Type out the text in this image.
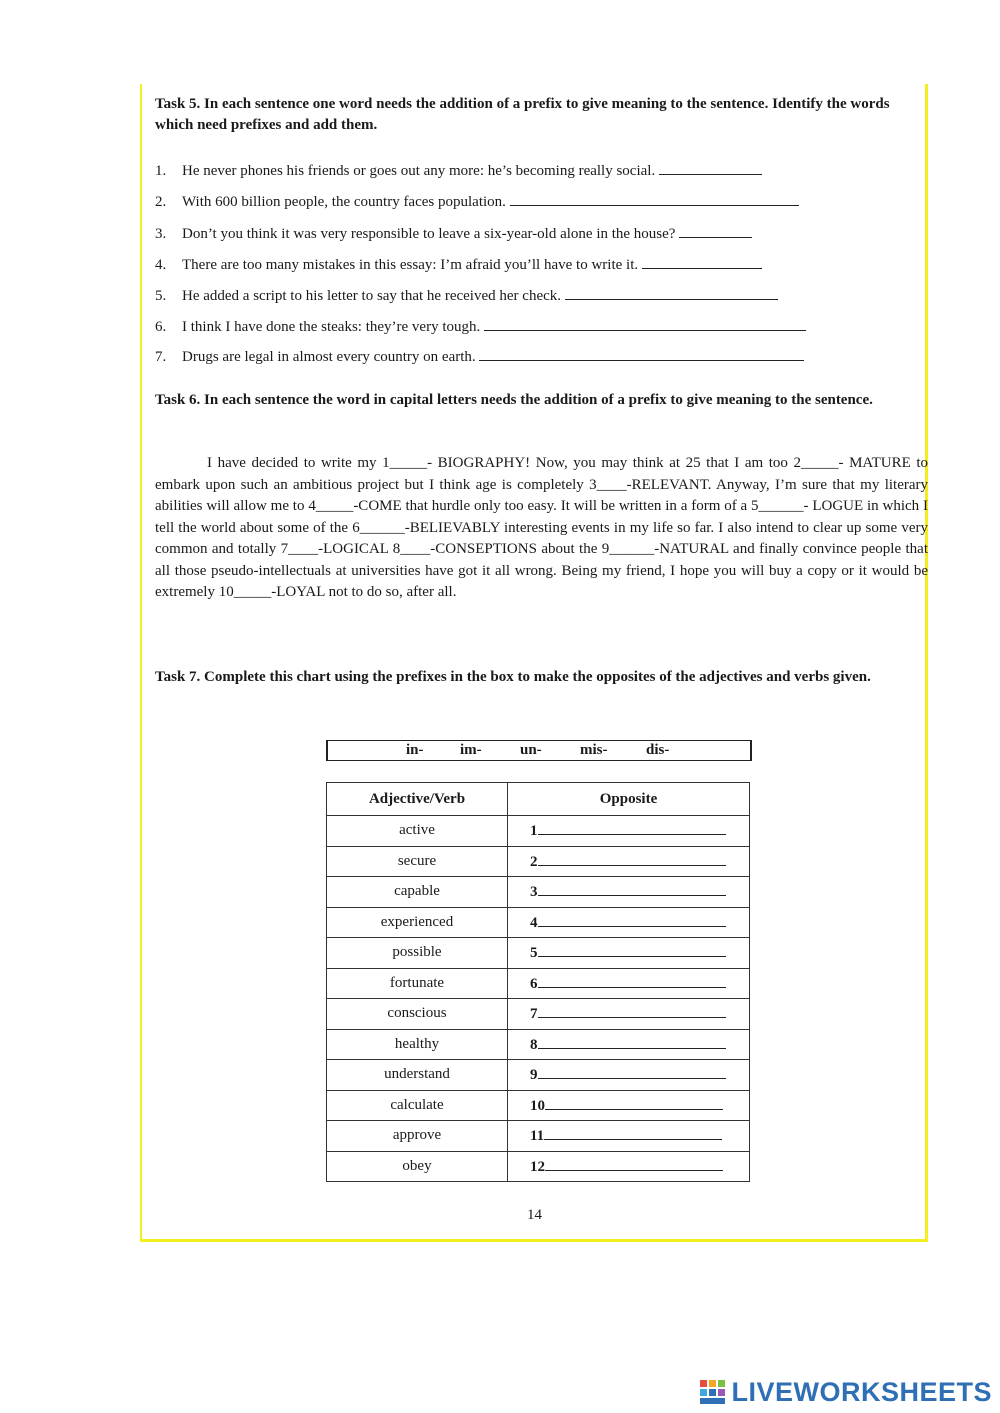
Task 5. In each sentence one word needs the addition of a prefix to give meaning to the sentence. Identify the words which need prefixes and add them.

1. He never phones his friends or goes out any more: he’s becoming really social.
2. With 600 billion people, the country faces population.
3. Don’t you think it was very responsible to leave a six-year-old alone in the house?
4. There are too many mistakes in this essay: I’m afraid you’ll have to write it.
5. He added a script to his letter to say that he received her check.
6. I think I have done the steaks: they’re very tough.
7. Drugs are legal in almost every country on earth.

Task 6. In each sentence the word in capital letters needs the addition of a prefix to give meaning to the sentence.

I have decided to write my 1_____- BIOGRAPHY! Now, you may think at 25 that I am too 2_____- MATURE to embark upon such an ambitious project but I think age is completely 3____-RELEVANT. Anyway, I’m sure that my literary abilities will allow me to 4_____-COME that hurdle only too easy. It will be written in a form of a 5______- LOGUE in which I tell the world about some of the 6______-BELIEVABLY interesting events in my life so far. I also intend to clear up some very common and totally 7____-LOGICAL 8____-CONSEPTIONS about the 9______-NATURAL and finally convince people that all those pseudo-intellectuals at universities have got it all wrong. Being my friend, I hope you will buy a copy or it would be extremely 10_____-LOYAL not to do so, after all.

Task 7. Complete this chart using the prefixes in the box to make the opposites of the adjectives and verbs given.

in- im-	un-	mis-	dis-
Adjective/Verb	Opposite
active	1
secure	2
capable	3
experienced	4
possible	5
fortunate	6
conscious	7
healthy	8
understand	9
calculate	10
approve	11
obey	12
14
LIVEWORKSHEETS
